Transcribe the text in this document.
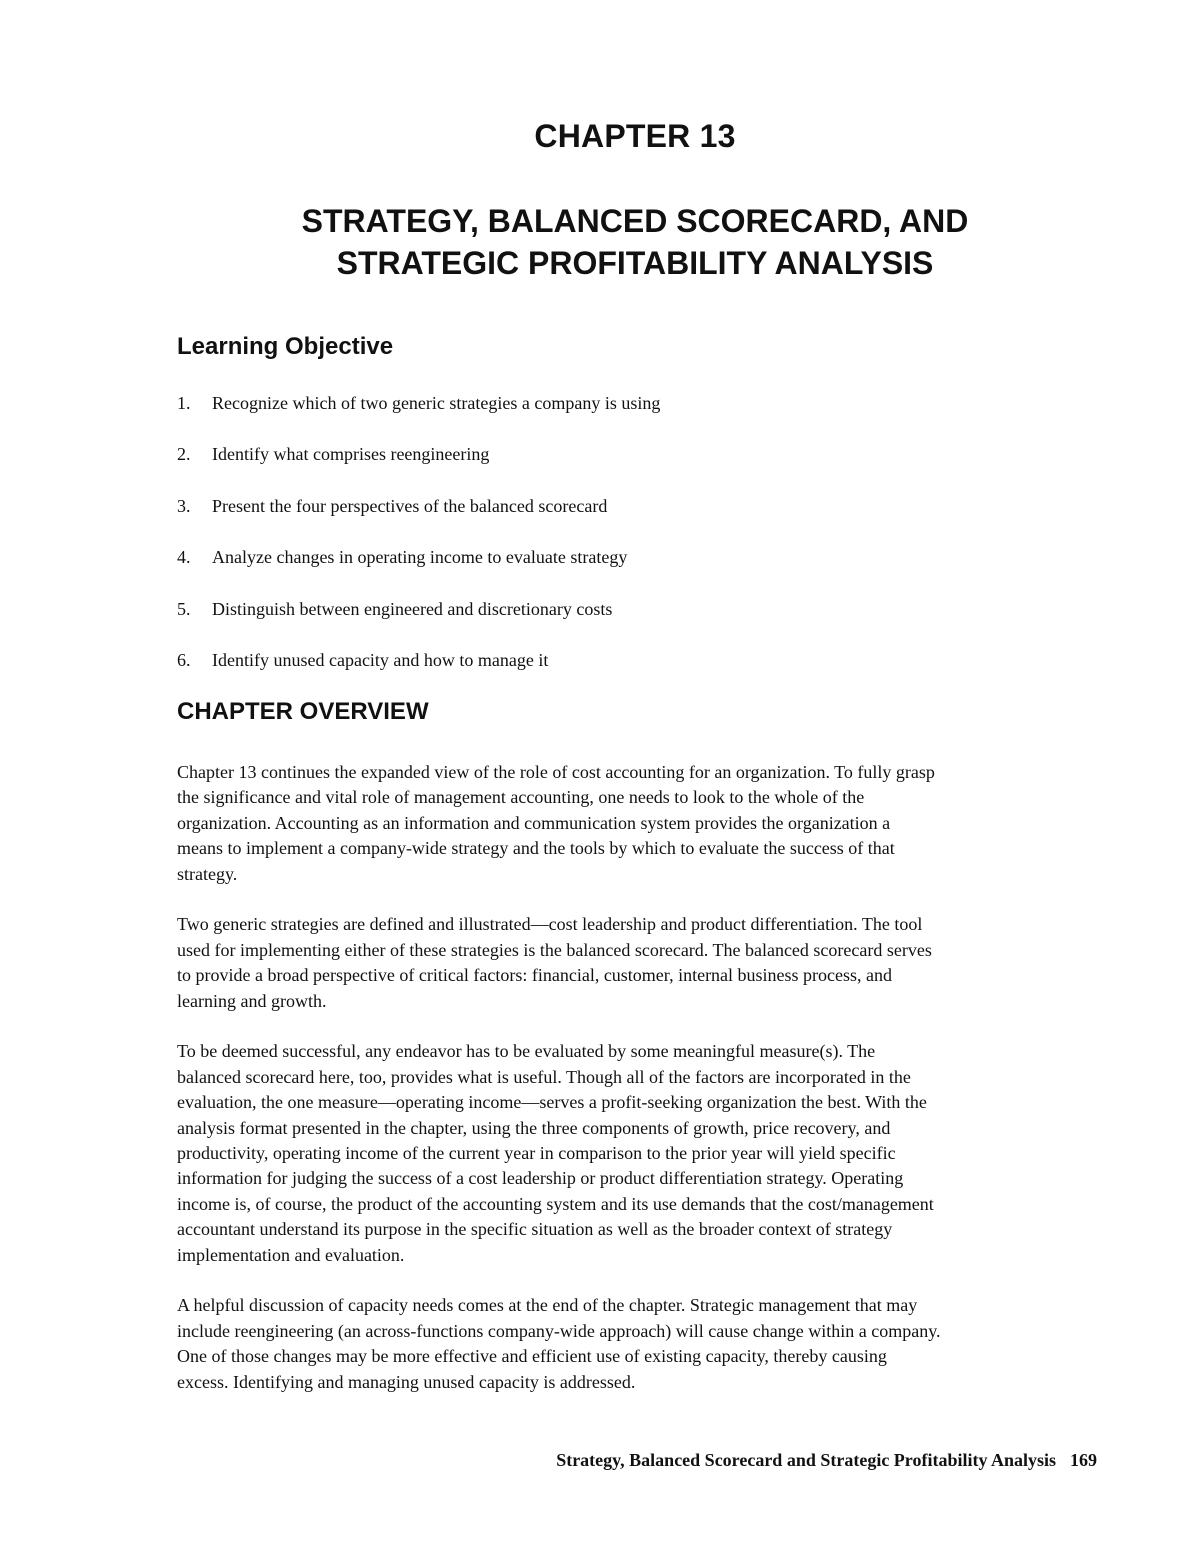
CHAPTER 13
STRATEGY, BALANCED SCORECARD, AND
STRATEGIC PROFITABILITY ANALYSIS
Learning Objective
1. Recognize which of two generic strategies a company is using
2. Identify what comprises reengineering
3. Present the four perspectives of the balanced scorecard
4. Analyze changes in operating income to evaluate strategy
5. Distinguish between engineered and discretionary costs
6. Identify unused capacity and how to manage it
CHAPTER OVERVIEW

Chapter 13 continues the expanded view of the role of cost accounting for an organization. To fully grasp
the significance and vital role of management accounting, one needs to look to the whole of the
organization. Accounting as an information and communication system provides the organization a
means to implement a company-wide strategy and the tools by which to evaluate the success of that
strategy.

Two generic strategies are defined and illustrated—cost leadership and product differentiation. The tool
used for implementing either of these strategies is the balanced scorecard. The balanced scorecard serves
to provide a broad perspective of critical factors: financial, customer, internal business process, and
learning and growth.

To be deemed successful, any endeavor has to be evaluated by some meaningful measure(s). The
balanced scorecard here, too, provides what is useful. Though all of the factors are incorporated in the
evaluation, the one measure—operating income—serves a profit-seeking organization the best. With the
analysis format presented in the chapter, using the three components of growth, price recovery, and
productivity, operating income of the current year in comparison to the prior year will yield specific
information for judging the success of a cost leadership or product differentiation strategy. Operating
income is, of course, the product of the accounting system and its use demands that the cost/management
accountant understand its purpose in the specific situation as well as the broader context of strategy
implementation and evaluation.

A helpful discussion of capacity needs comes at the end of the chapter. Strategic management that may
include reengineering (an across-functions company-wide approach) will cause change within a company.
One of those changes may be more effective and efficient use of existing capacity, thereby causing
excess. Identifying and managing unused capacity is addressed.

Strategy, Balanced Scorecard and Strategic Profitability Analysis 169
